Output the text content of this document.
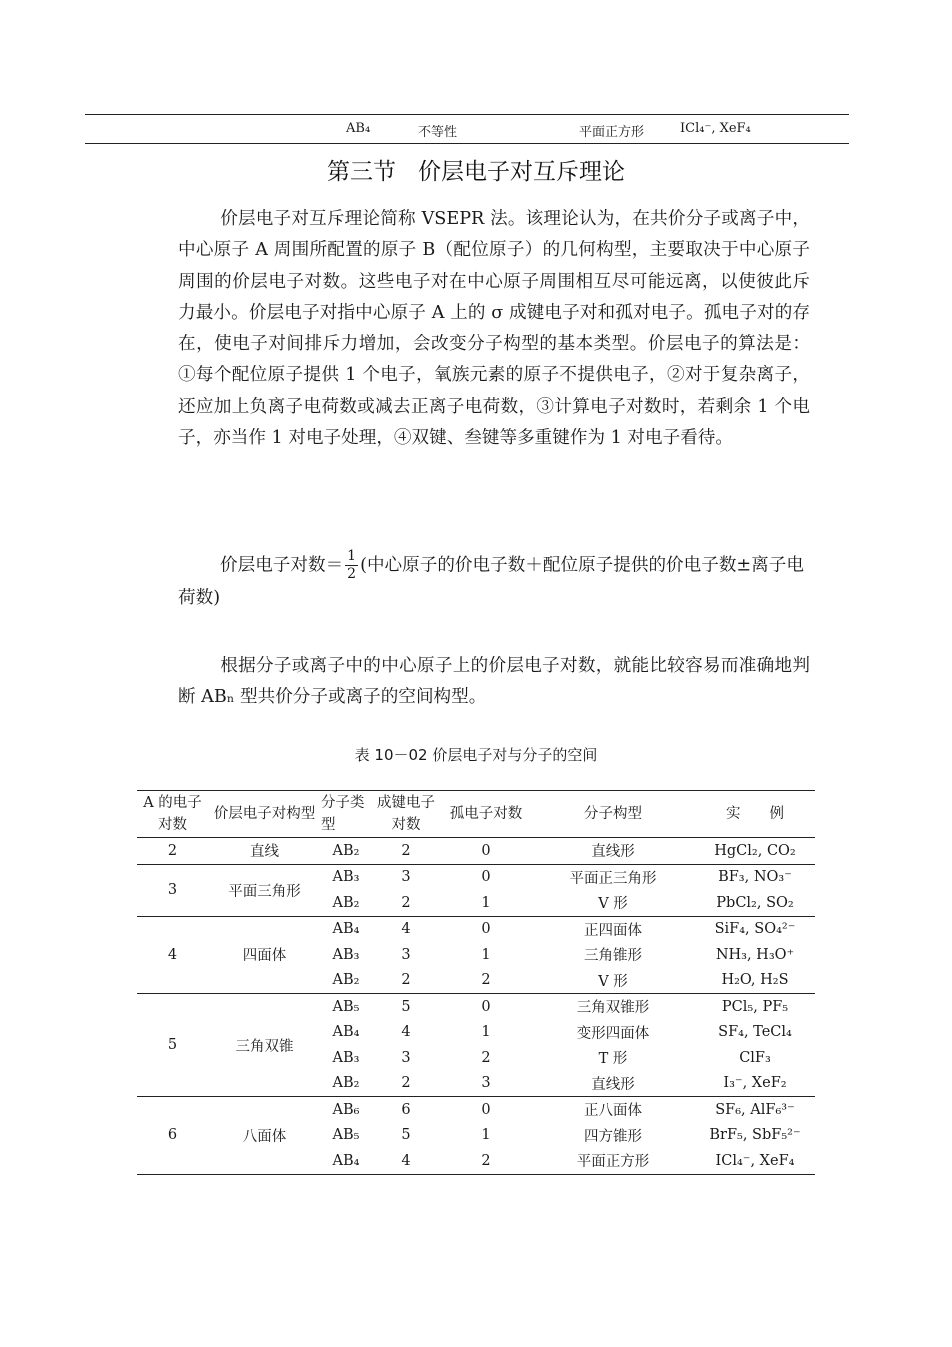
AB₄	不等性	平面正方形	ICl₄⁻, XeF₄
第三节 价层电子对互斥理论

价层电子对互斥理论简称 VSEPR 法。该理论认为，在共价分子或离子中，中心原子 A 周围所配置的原子 B（配位原子）的几何构型，主要取决于中心原子周围的价层电子对数。这些电子对在中心原子周围相互尽可能远离，以使彼此斥力最小。价层电子对指中心原子 A 上的 σ 成键电子对和孤对电子。孤电子对的存在，使电子对间排斥力增加，会改变分子构型的基本类型。价层电子的算法是：①每个配位原子提供 1 个电子，氧族元素的原子不提供电子，②对于复杂离子，还应加上负离子电荷数或减去正离子电荷数，③计算电子对数时，若剩余 1 个电子，亦当作 1 对电子处理，④双键、叁键等多重键作为 1 对电子看待。

价层电子对数＝ $\frac{1}{2}$ (中心原子的价电子数＋配位原子提供的价电子数±离子电荷数)

根据分子或离子中的中心原子上的价层电子对数，就能比较容易而准确地判断 ABₙ 型共价分子或离子的空间构型。

表 10－02 价层电子对与分子的空间
A 的电子对数	价层电子对构型	分子类型	成键电子对数	孤电子对数	分子构型	实　　例
2	直线	AB₂	2	0	直线形	HgCl₂, CO₂
3	平面三角形	AB₃	3	0	平面正三角形	BF₃, NO₃⁻
		AB₂	2	1	V 形	PbCl₂, SO₂
4	四面体	AB₄	4	0	正四面体	SiF₄, SO₄²⁻
		AB₃	3	1	三角锥形	NH₃, H₃O⁺
		AB₂	2	2	V 形	H₂O, H₂S
5	三角双锥	AB₅	5	0	三角双锥形	PCl₅, PF₅
		AB₄	4	1	变形四面体	SF₄, TeCl₄
		AB₃	3	2	T 形	ClF₃
		AB₂	2	3	直线形	I₃⁻, XeF₂
6	八面体	AB₆	6	0	正八面体	SF₆, AlF₆³⁻
		AB₅	5	1	四方锥形	BrF₅, SbF₅²⁻
		AB₄	4	2	平面正方形	ICl₄⁻, XeF₄
